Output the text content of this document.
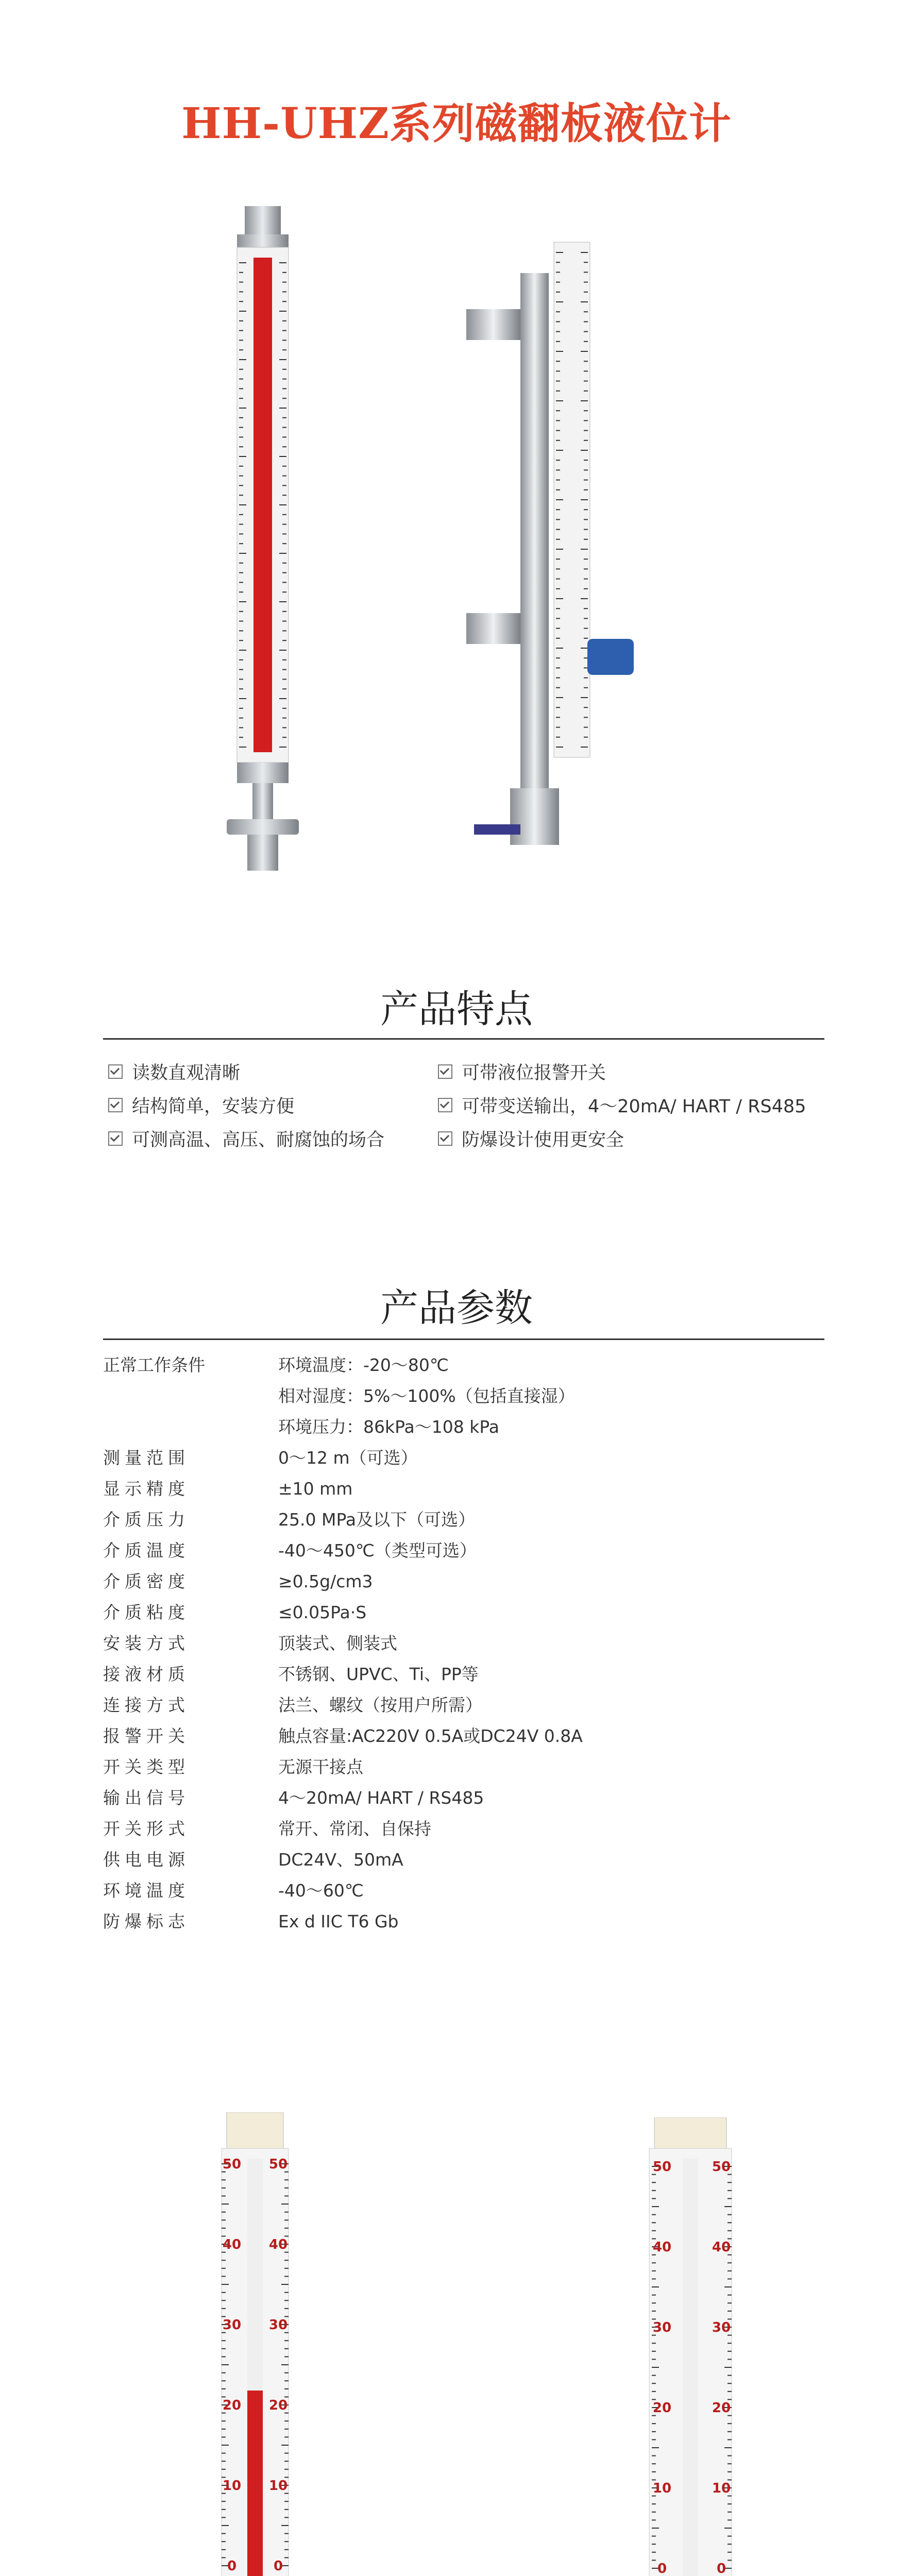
HH-UHZ系列磁翻板液位计
产品特点
读数直观清晰	可带液位报警开关
结构简单，安装方便	可带变送输出，4～20mA/ HART / RS485
可测高温、高压、耐腐蚀的场合	防爆设计使用更安全
产品参数
正常工作条件	环境温度：-20～80℃
相对湿度：5%～100%（包括直接湿）
环境压力：86kPa～108 kPa
测量范围	0～12 m（可选）
显示精度	±10 mm
介质压力	25.0 MPa及以下（可选）
介质温度	-40～450℃（类型可选）
介质密度	≥0.5g/cm3
介质粘度	≤0.05Pa·S
安装方式	顶装式、侧装式
接液材质	不锈钢、UPVC、Ti、PP等
连接方式	法兰、螺纹（按用户所需）
报警开关	触点容量:AC220V 0.5A或DC24V 0.8A
开关类型	无源干接点
输出信号	4～20mA/ HART / RS485
开关形式	常开、常闭、自保持
供电电源	DC24V、50mA
环境温度	-40～60℃
防爆标志	Ex d IIC T6 Gb
50 50
40 40
30 30
20 20
10 10
0	0
50	50
40	40
30	30
20	20
10	10
0	0
